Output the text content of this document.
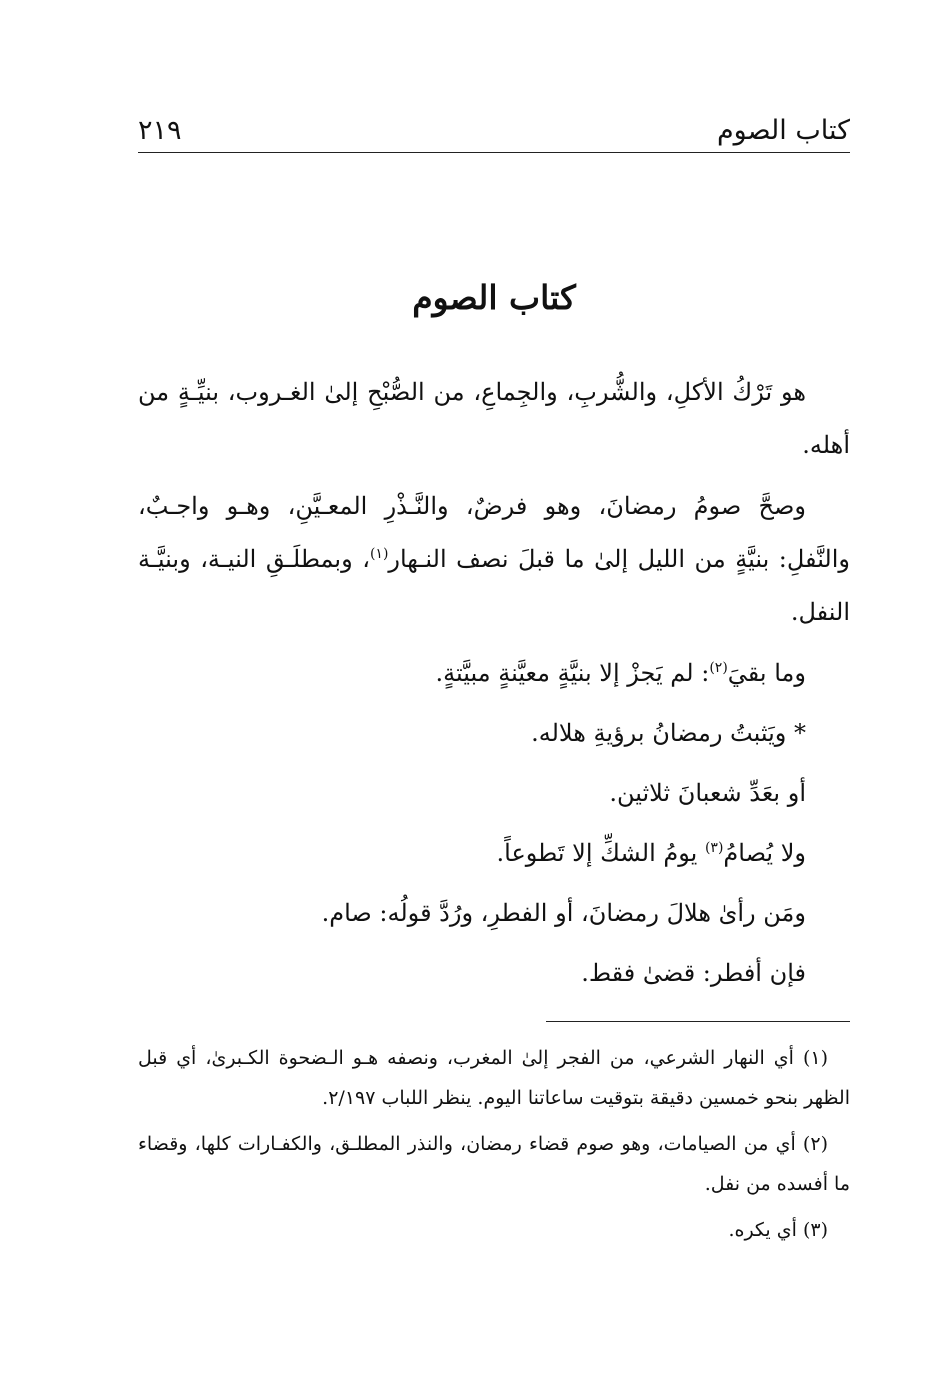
كتاب الصوم
٢١٩
كتاب الصوم

هو تَرْكُ الأكلِ، والشُّربِ، والجِماعِ، من الصُّبْحِ إلىٰ الغـروب، بنيِّـةٍ من أهله.

وصحَّ صومُ رمضانَ، وهو فرضٌ، والنَّـذْرِ المعـيَّنِ، وهـو واجـبٌ، والنَّفلِ: بنيَّةٍ من الليل إلىٰ ما قبلَ نصف النـهار$^{(١)}$، وبمطلَـقِ النيـة، وبنيَّـة النفل.

وما بقيَ$^{(٢)}$: لم يَجزْ إلا بنيَّةٍ معيَّنةٍ مبيَّتةٍ.

* ويَثبتُ رمضانُ برؤيةِ هلاله.

أو بعَدِّ شعبانَ ثلاثين.

ولا يُصامُ$^{(٣)}$ يومُ الشكِّ إلا تَطوعاً.

ومَن رأىٰ هلالَ رمضانَ، أو الفطرِ، ورُدَّ قولُه: صام.

فإن أفطر: قضىٰ فقط.

(١) أي النهار الشرعي، من الفجر إلىٰ المغرب، ونصفه هـو الـضحوة الكـبرىٰ، أي قبل الظهر بنحو خمسين دقيقة بتوقيت ساعاتنا اليوم. ينظر اللباب ٢/١٩٧.

(٢) أي من الصيامات، وهو صوم قضاء رمضان، والنذر المطلـق، والكفـارات كلها، وقضاء ما أفسده من نفل.

(٣) أي يكره.
